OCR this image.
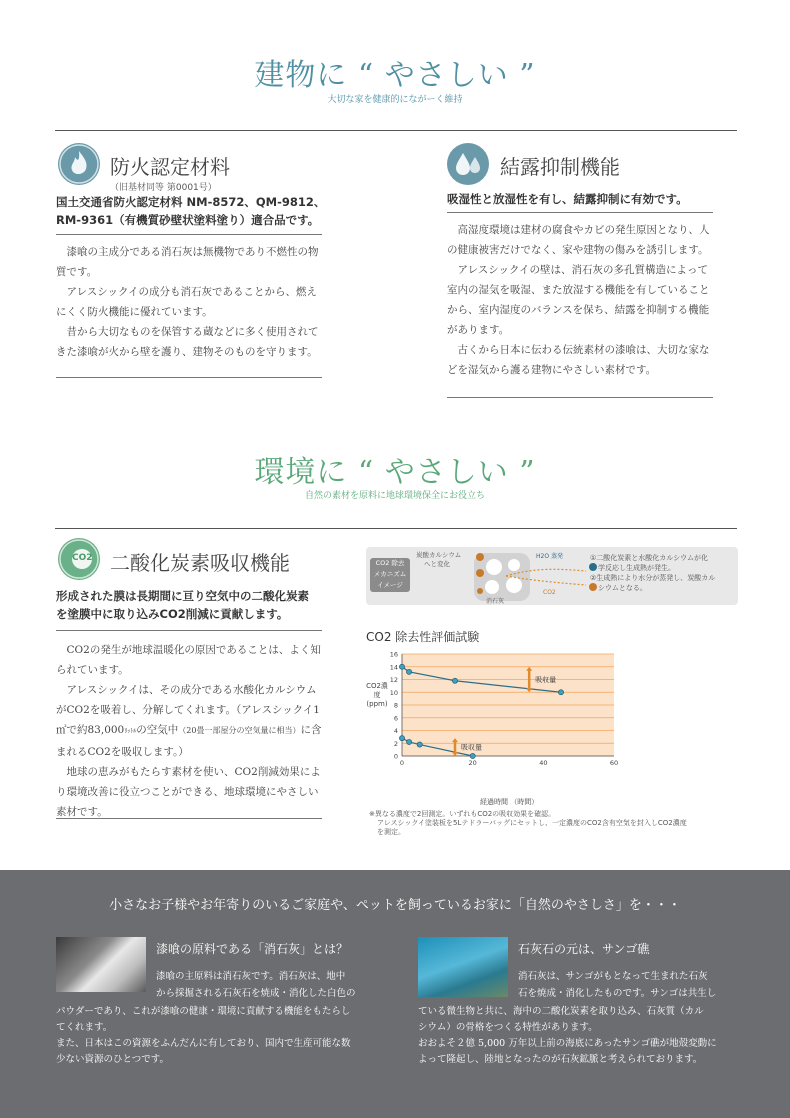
建物に “ やさしい ”
大切な家を健康的にながーく維持
防火認定材料
（旧基材同等 第0001号）
国土交通省防火認定材料 NM-8572、QM-9812、
RM-9361（有機質砂壁状塗料塗り）適合品です。

漆喰の主成分である消石灰は無機物であり不燃性の物質です。

アレスシックイの成分も消石灰であることから、燃えにくく防火機能に優れています。

昔から大切なものを保管する蔵などに多く使用されてきた漆喰が火から壁を護り、建物そのものを守ります。

結露抑制機能
吸湿性と放湿性を有し、結露抑制に有効です。

高湿度環境は建材の腐食やカビの発生原因となり、人の健康被害だけでなく、家や建物の傷みを誘引します。

アレスシックイの壁は、消石灰の多孔質構造によって室内の湿気を吸湿、また放湿する機能を有していることから、室内湿度のバランスを保ち、結露を抑制する機能があります。

古くから日本に伝わる伝統素材の漆喰は、大切な家などを湿気から護る建物にやさしい素材です。

環境に “ やさしい ”
自然の素材を原料に地球環境保全にお役立ち
CO2 二酸化炭素吸収機能
形成された膜は長期間に亘り空気中の二酸化炭素
を塗膜中に取り込みCO2削減に貢献します。

CO2の発生が地球温暖化の原因であることは、よく知られています。

アレスシックイは、その成分である水酸化カルシウムがCO2を吸着し、分解してくれます。（アレスシックイ1㎡で約83,000ﾘｯﾄﾙの空気中（20畳一部屋分の空気量に相当）に含まれるCO2を吸収します。）

地球の恵みがもたらす素材を使い、CO2削減効果により環境改善に役立つことができる、地球環境にやさしい素材です。

CO2 除去
メカニズム
イメージ
炭酸カルシウム
へと変化
H2O 蒸発
CO2
消石灰
①二酸化炭素と水酸化カルシウムが化
学反応し生成熱が発生。
②生成熱により水分が蒸発し、炭酸カル
シウムとなる。
CO2 除去性評価試験
0
2
4
6
8
10
12
14
16
0	20	40	60
吸収量
吸収量
CO2濃度 (ppm)
経過時間 （時間）
※異なる濃度で2回測定。いずれもCO2の吸収効果を確認。
アレスシックイ塗装板を5Lテドラーバッグにセットし、一定濃度のCO2含有空気を封入しCO2濃度
を測定。
小さなお子様やお年寄りのいるご家庭や、ペットを飼っているお家に「自然のやさしさ」を・・・
漆喰の原料である「消石灰」とは？
漆喰の主原料は消石灰です。消石灰は、地中
から採掘される石灰石を焼成・消化した白色の
パウダーであり、これが漆喰の健康・環境に貢献する機能をもたらし
てくれます。
また、日本はこの資源をふんだんに有しており、国内で生産可能な数
少ない資源のひとつです。
石灰石の元は、サンゴ礁
消石灰は、サンゴがもとなって生まれた石灰
石を焼成・消化したものです。サンゴは共生し
ている微生物と共に、海中の二酸化炭素を取り込み、石灰質（カル
シウム）の骨格をつくる特性があります。
おおよそ２億 5,000 万年以上前の海底にあったサンゴ礁が地殻変動に
よって隆起し、陸地となったのが石灰鉱脈と考えられております。
